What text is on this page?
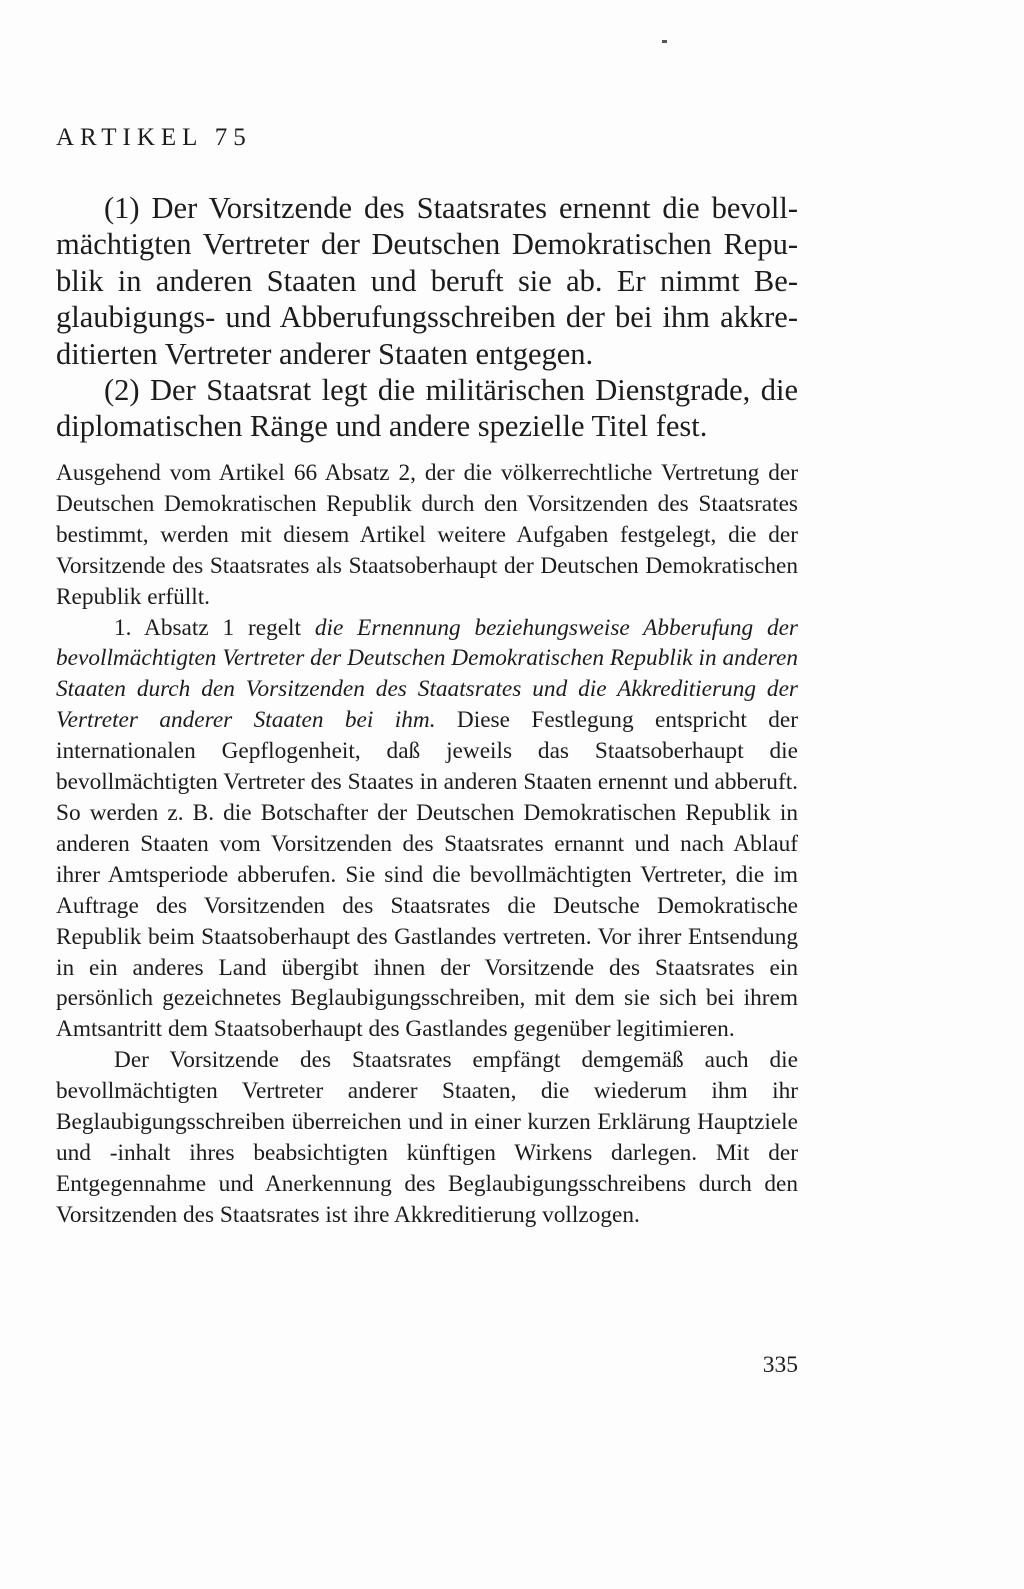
ARTIKEL 75

(1) Der Vorsitzende des Staatsrates ernennt die bevollmächtigten Vertreter der Deutschen Demokratischen Republik in anderen Staaten und beruft sie ab. Er nimmt Beglaubigungs- und Abberufungsschreiben der bei ihm akkreditierten Vertreter anderer Staaten entgegen.

(2) Der Staatsrat legt die militärischen Dienstgrade, die diplomatischen Ränge und andere spezielle Titel fest.

Ausgehend vom Artikel 66 Absatz 2, der die völkerrechtliche Vertretung der Deutschen Demokratischen Republik durch den Vorsitzenden des Staatsrates bestimmt, werden mit diesem Artikel weitere Aufgaben festgelegt, die der Vorsitzende des Staatsrates als Staatsoberhaupt der Deutschen Demokratischen Republik erfüllt.

1. Absatz 1 regelt die Ernennung beziehungsweise Abberufung der bevollmächtigten Vertreter der Deutschen Demokratischen Republik in anderen Staaten durch den Vorsitzenden des Staatsrates und die Akkreditierung der Vertreter anderer Staaten bei ihm. Diese Festlegung entspricht der internationalen Gepflogenheit, daß jeweils das Staatsoberhaupt die bevollmächtigten Vertreter des Staates in anderen Staaten ernennt und abberuft. So werden z. B. die Botschafter der Deutschen Demokratischen Republik in anderen Staaten vom Vorsitzenden des Staatsrates ernannt und nach Ablauf ihrer Amtsperiode abberufen. Sie sind die bevollmächtigten Vertreter, die im Auftrage des Vorsitzenden des Staatsrates die Deutsche Demokratische Republik beim Staatsoberhaupt des Gastlandes vertreten. Vor ihrer Entsendung in ein anderes Land übergibt ihnen der Vorsitzende des Staatsrates ein persönlich gezeichnetes Beglaubigungsschreiben, mit dem sie sich bei ihrem Amtsantritt dem Staatsoberhaupt des Gastlandes gegenüber legitimieren.

Der Vorsitzende des Staatsrates empfängt demgemäß auch die bevollmächtigten Vertreter anderer Staaten, die wiederum ihm ihr Beglaubigungsschreiben überreichen und in einer kurzen Erklärung Hauptziele und -inhalt ihres beabsichtigten künftigen Wirkens darlegen. Mit der Entgegennahme und Anerkennung des Beglaubigungsschreibens durch den Vorsitzenden des Staatsrates ist ihre Akkreditierung vollzogen.

335
